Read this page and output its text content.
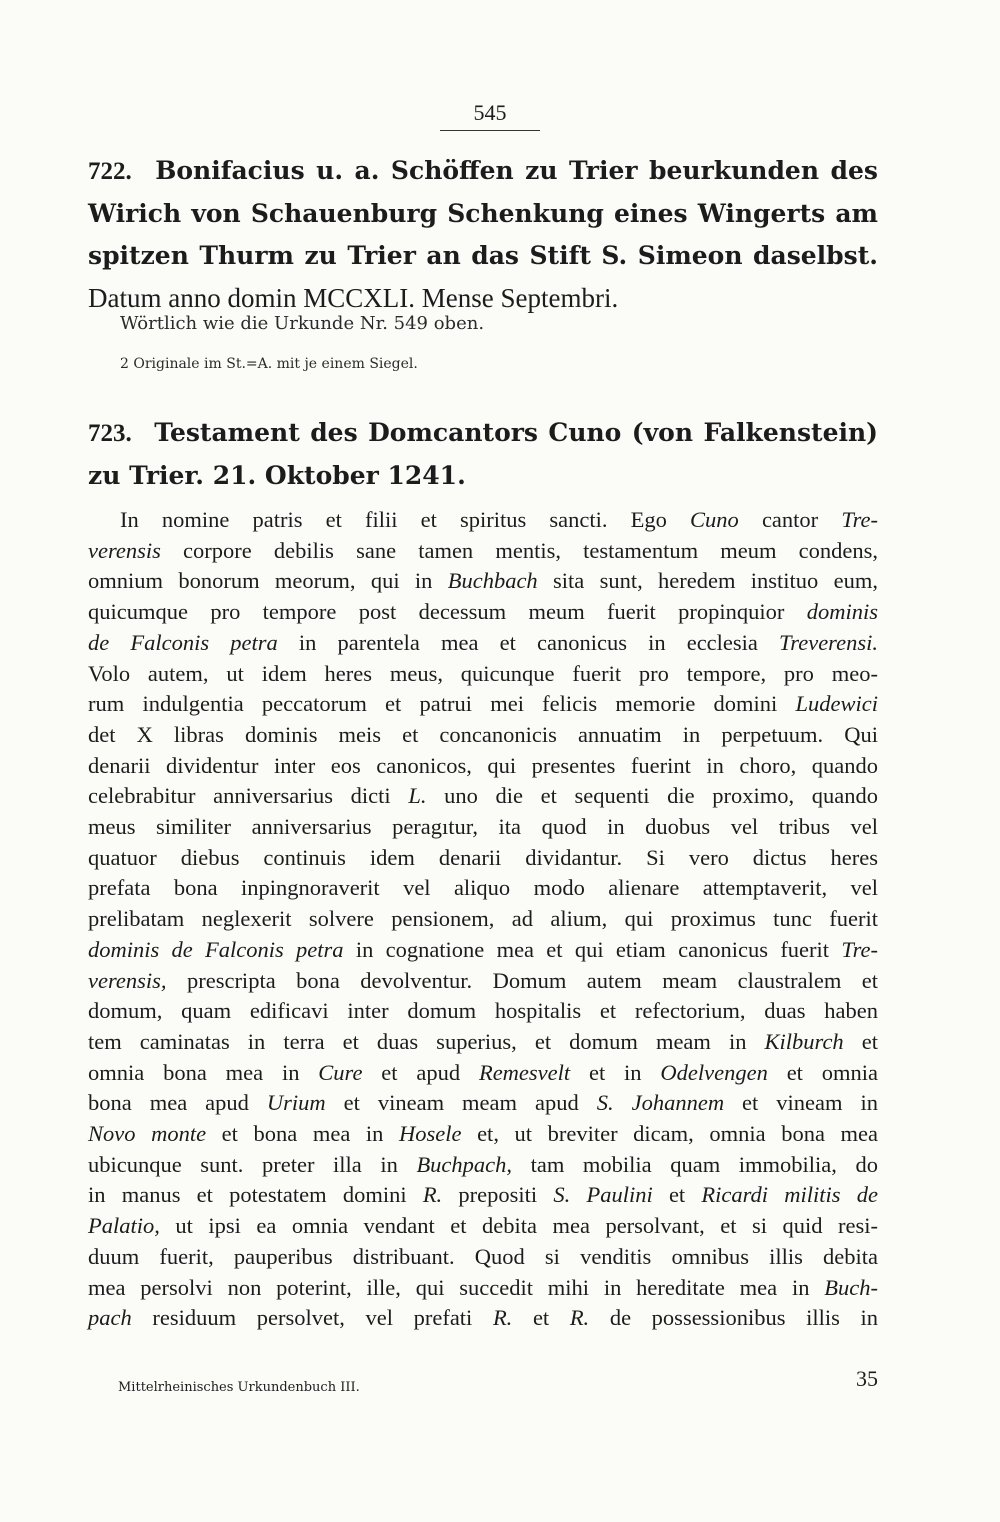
545

722. Bonifacius u. a. Schöffen zu Trier beurkunden des Wirich von Schauenburg Schenkung eines Wingerts am spitzen Thurm zu Trier an das Stift S. Simeon daselbst. Datum anno domin MCCXLI. Mense Septembri.

Wörtlich wie die Urkunde Nr. 549 oben.
2 Originale im St.=A. mit je einem Siegel.

723. Testament des Domcantors Cuno (von Falkenstein) zu Trier. 21. Oktober 1241.

In nomine patris et filii et spiritus sancti. Ego Cuno cantor Tre-
verensis corpore debilis sane tamen mentis, testamentum meum condens,
omnium bonorum meorum, qui in Buchbach sita sunt, heredem instituo eum,
quicumque pro tempore post decessum meum fuerit propinquior dominis
de Falconis petra in parentela mea et canonicus in ecclesia Treverensi.
Volo autem, ut idem heres meus, quicunque fuerit pro tempore, pro meo-
rum indulgentia peccatorum et patrui mei felicis memorie domini Ludewici
det X libras dominis meis et concanonicis annuatim in perpetuum. Qui
denarii dividentur inter eos canonicos, qui presentes fuerint in choro, quando
celebrabitur anniversarius dicti L. uno die et sequenti die proximo, quando
meus similiter anniversarius peragıtur, ita quod in duobus vel tribus vel
quatuor diebus continuis idem denarii dividantur. Si vero dictus heres
prefata bona inpingnoraverit vel aliquo modo alienare attemptaverit, vel
prelibatam neglexerit solvere pensionem, ad alium, qui proximus tunc fuerit
dominis de Falconis petra in cognatione mea et qui etiam canonicus fuerit Tre-
verensis, prescripta bona devolventur. Domum autem meam claustralem et
domum, quam edificavi inter domum hospitalis et refectorium, duas haben
tem caminatas in terra et duas superius, et domum meam in Kilburch et
omnia bona mea in Cure et apud Remesvelt et in Odelvengen et omnia
bona mea apud Urium et vineam meam apud S. Johannem et vineam in
Novo monte et bona mea in Hosele et, ut breviter dicam, omnia bona mea
ubicunque sunt. preter illa in Buchpach, tam mobilia quam immobilia, do
in manus et potestatem domini R. prepositi S. Paulini et Ricardi militis de
Palatio, ut ipsi ea omnia vendant et debita mea persolvant, et si quid resi-
duum fuerit, pauperibus distribuant. Quod si venditis omnibus illis debita
mea persolvi non poterint, ille, qui succedit mihi in hereditate mea in Buch-
pach residuum persolvet, vel prefati R. et R. de possessionibus illis in
Mittelrheinisches Urkundenbuch III.	35
